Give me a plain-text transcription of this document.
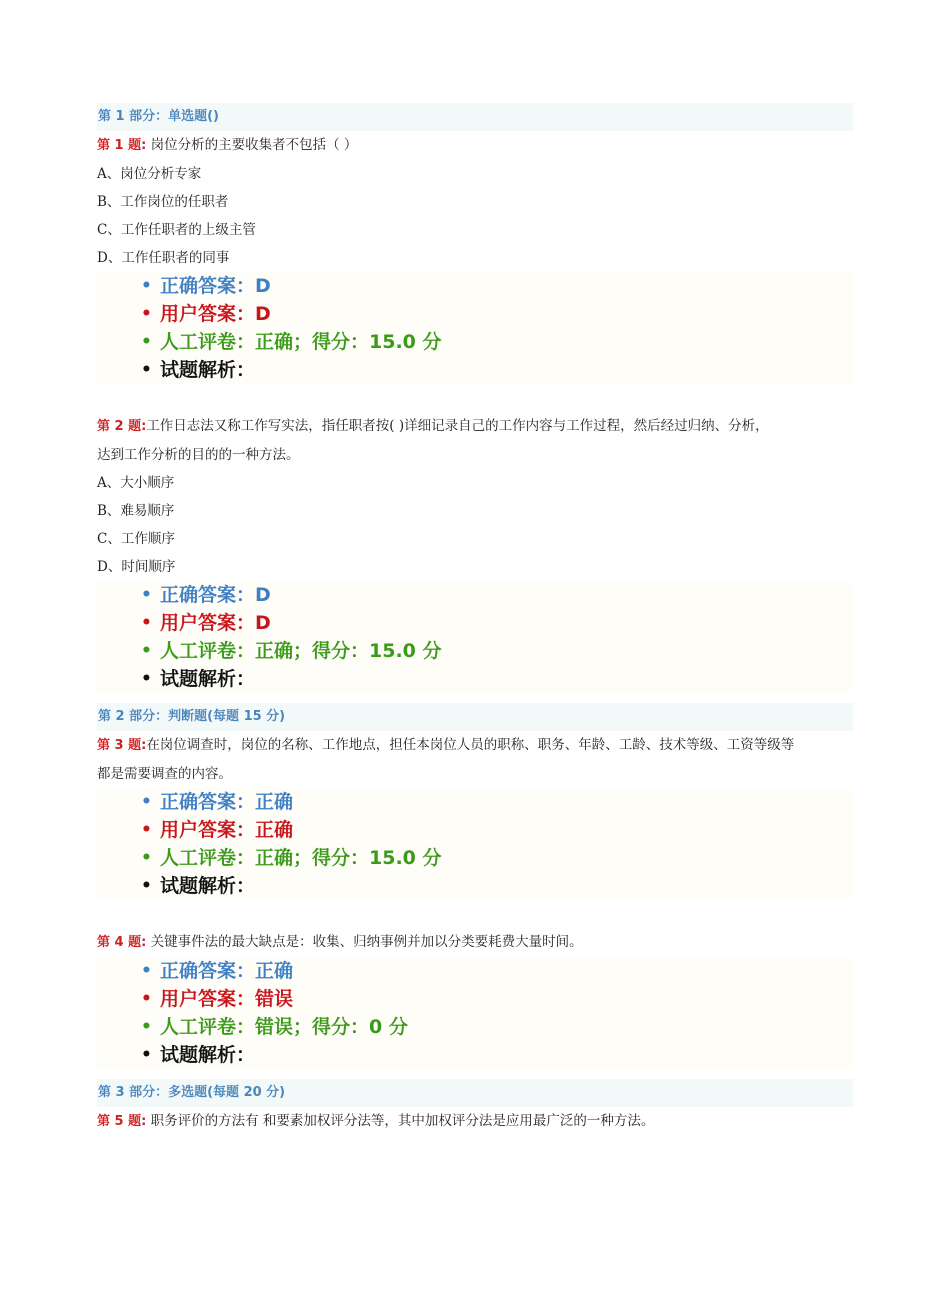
第 1 部分：单选题()
第 1 题: 岗位分析的主要收集者不包括（ ）
A、岗位分析专家
B、工作岗位的任职者
C、工作任职者的上级主管
D、工作任职者的同事
• 正确答案：D
• 用户答案：D
• 人工评卷：正确；得分：15.0 分
• 试题解析：
第 2 题:工作日志法又称工作写实法，指任职者按( )详细记录自己的工作内容与工作过程，然后经过归纳、分析，
达到工作分析的目的的一种方法。
A、大小顺序
B、难易顺序
C、工作顺序
D、时间顺序
• 正确答案：D
• 用户答案：D
• 人工评卷：正确；得分：15.0 分
• 试题解析：
第 2 部分：判断题(每题 15 分)
第 3 题:在岗位调查时，岗位的名称、工作地点，担任本岗位人员的职称、职务、年龄、工龄、技术等级、工资等级等
都是需要调查的内容。
• 正确答案：正确
• 用户答案：正确
• 人工评卷：正确；得分：15.0 分
• 试题解析：
第 4 题: 关键事件法的最大缺点是：收集、归纳事例并加以分类要耗费大量时间。
• 正确答案：正确
• 用户答案：错误
• 人工评卷：错误；得分：0 分
• 试题解析：
第 3 部分：多选题(每题 20 分)
第 5 题: 职务评价的方法有 和要素加权评分法等，其中加权评分法是应用最广泛的一种方法。
